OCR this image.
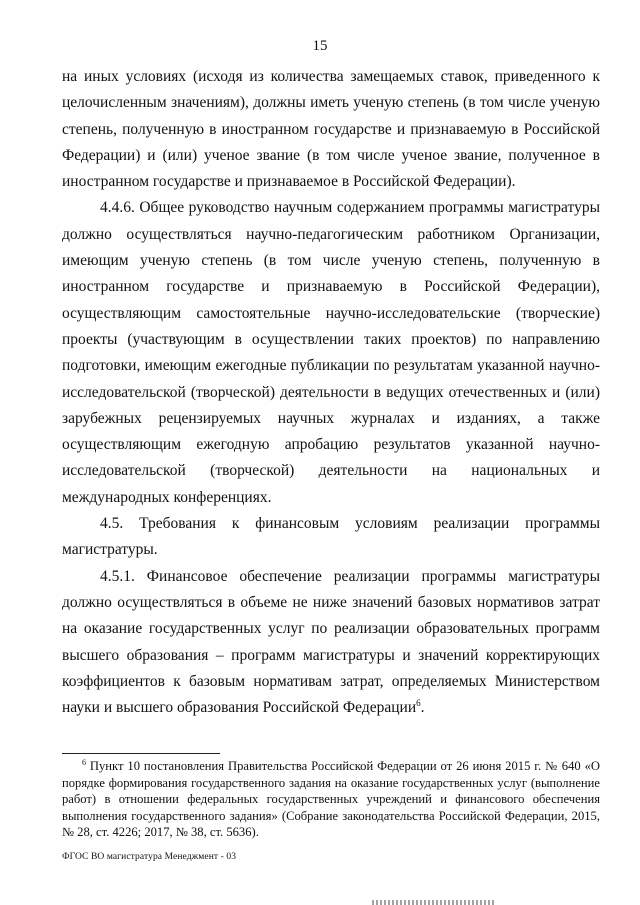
15

на иных условиях (исходя из количества замещаемых ставок, приведенного к целочисленным значениям), должны иметь ученую степень (в том числе ученую степень, полученную в иностранном государстве и признаваемую в Российской Федерации) и (или) ученое звание (в том числе ученое звание, полученное в иностранном государстве и признаваемое в Российской Федерации).

4.4.6. Общее руководство научным содержанием программы магистратуры должно осуществляться научно-педагогическим работником Организации, имеющим ученую степень (в том числе ученую степень, полученную в иностранном государстве и признаваемую в Российской Федерации), осуществляющим самостоятельные научно-исследовательские (творческие) проекты (участвующим в осуществлении таких проектов) по направлению подготовки, имеющим ежегодные публикации по результатам указанной научно-исследовательской (творческой) деятельности в ведущих отечественных и (или) зарубежных рецензируемых научных журналах и изданиях, а также осуществляющим ежегодную апробацию результатов указанной научно-исследовательской (творческой) деятельности на национальных и международных конференциях.

4.5. Требования к финансовым условиям реализации программы магистратуры.

4.5.1. Финансовое обеспечение реализации программы магистратуры должно осуществляться в объеме не ниже значений базовых нормативов затрат на оказание государственных услуг по реализации образовательных программ высшего образования – программ магистратуры и значений корректирующих коэффициентов к базовым нормативам затрат, определяемых Министерством науки и высшего образования Российской Федерации$^6$.

$^6$ Пункт 10 постановления Правительства Российской Федерации от 26 июня 2015 г. № 640 «О порядке формирования государственного задания на оказание государственных услуг (выполнение работ) в отношении федеральных государственных учреждений и финансового обеспечения выполнения государственного задания» (Собрание законодательства Российской Федерации, 2015, № 28, ст. 4226; 2017, № 38, ст. 5636).

ФГОС ВО магистратура Менеджмент - 03
